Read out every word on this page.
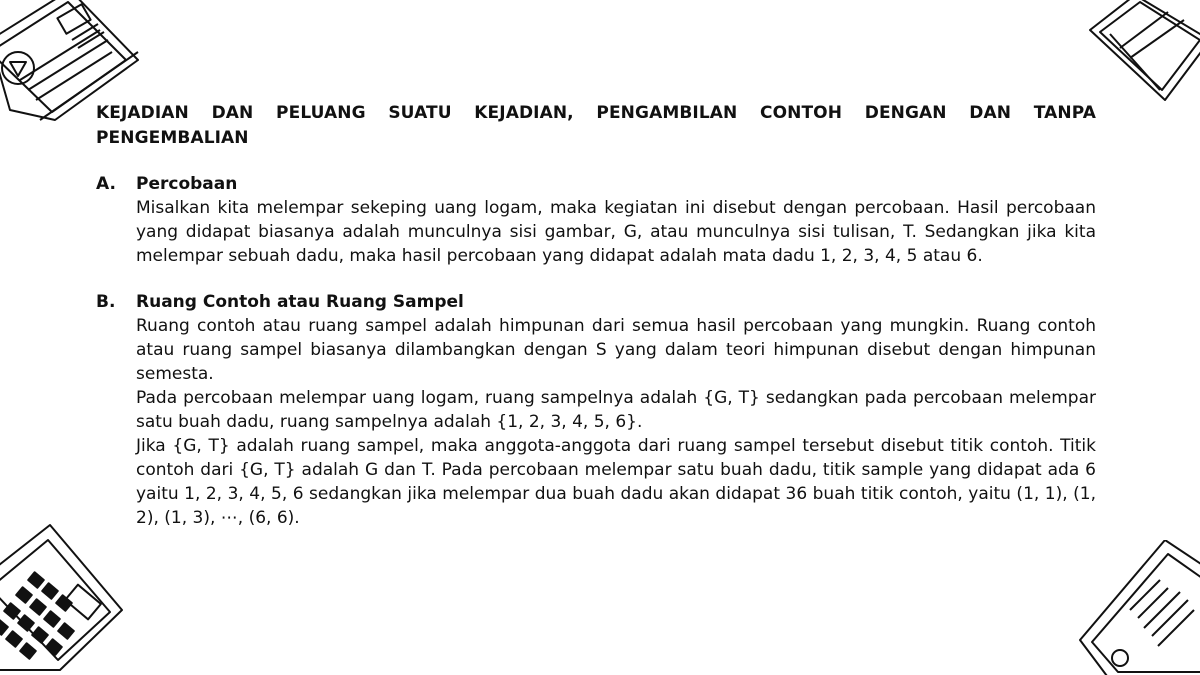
KEJADIAN DAN PELUANG SUATU KEJADIAN, PENGAMBILAN CONTOH DENGAN DAN TANPA PENGEMBALIAN
A.	Percobaan

Misalkan kita melempar sekeping uang logam, maka kegiatan ini disebut dengan percobaan. Hasil percobaan yang didapat biasanya adalah munculnya sisi gambar, G, atau munculnya sisi tulisan, T. Sedangkan jika kita melempar sebuah dadu, maka hasil percobaan yang didapat adalah mata dadu 1, 2, 3, 4, 5 atau 6.

B.	Ruang Contoh atau Ruang Sampel

Ruang contoh atau ruang sampel adalah himpunan dari semua hasil percobaan yang mungkin. Ruang contoh atau ruang sampel biasanya dilambangkan dengan S yang dalam teori himpunan disebut dengan himpunan semesta.

Pada percobaan melempar uang logam, ruang sampelnya adalah {G, T} sedangkan pada percobaan melempar satu buah dadu, ruang sampelnya adalah {1, 2, 3, 4, 5, 6}.

Jika {G, T} adalah ruang sampel, maka anggota-anggota dari ruang sampel tersebut disebut titik contoh. Titik contoh dari {G, T} adalah G dan T. Pada percobaan melempar satu buah dadu, titik sample yang didapat ada 6 yaitu 1, 2, 3, 4, 5, 6 sedangkan jika melempar dua buah dadu akan didapat 36 buah titik contoh, yaitu (1, 1), (1, 2), (1, 3), ⋯, (6, 6).
